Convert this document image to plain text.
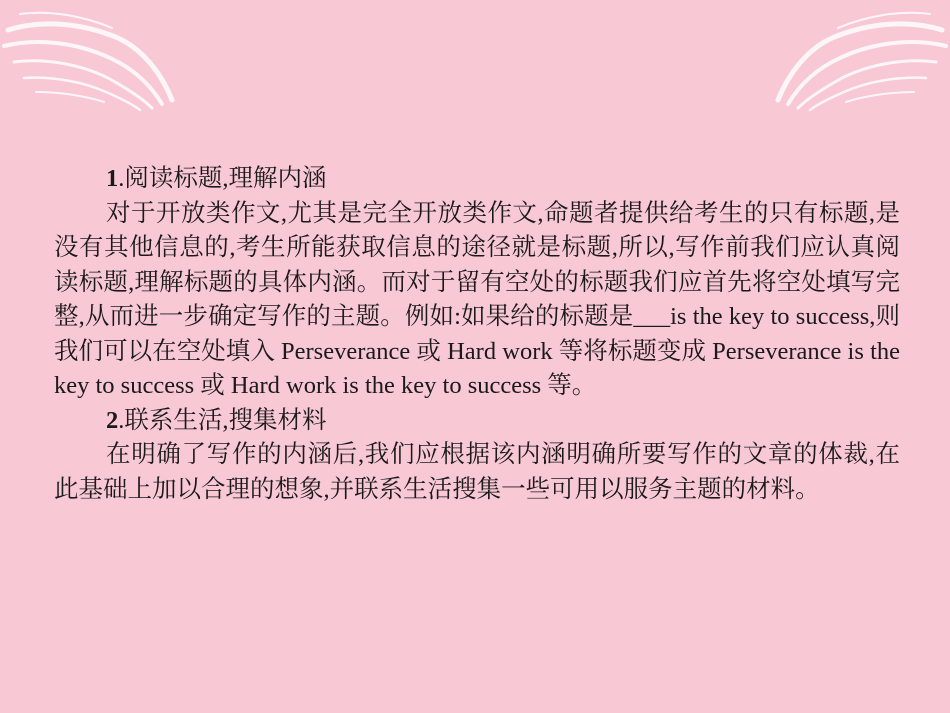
1.阅读标题,理解内涵

对于开放类作文,尤其是完全开放类作文,命题者提供给考生的只有标题,是没有其他信息的,考生所能获取信息的途径就是标题,所以,写作前我们应认真阅读标题,理解标题的具体内涵。而对于留有空处的标题我们应首先将空处填写完整,从而进一步确定写作的主题。例如:如果给的标题是___is the key to success,则我们可以在空处填入 Perseverance 或 Hard work 等将标题变成 Perseverance is the key to success 或 Hard work is the key to success 等。

2.联系生活,搜集材料

在明确了写作的内涵后,我们应根据该内涵明确所要写作的文章的体裁,在此基础上加以合理的想象,并联系生活搜集一些可用以服务主题的材料。
